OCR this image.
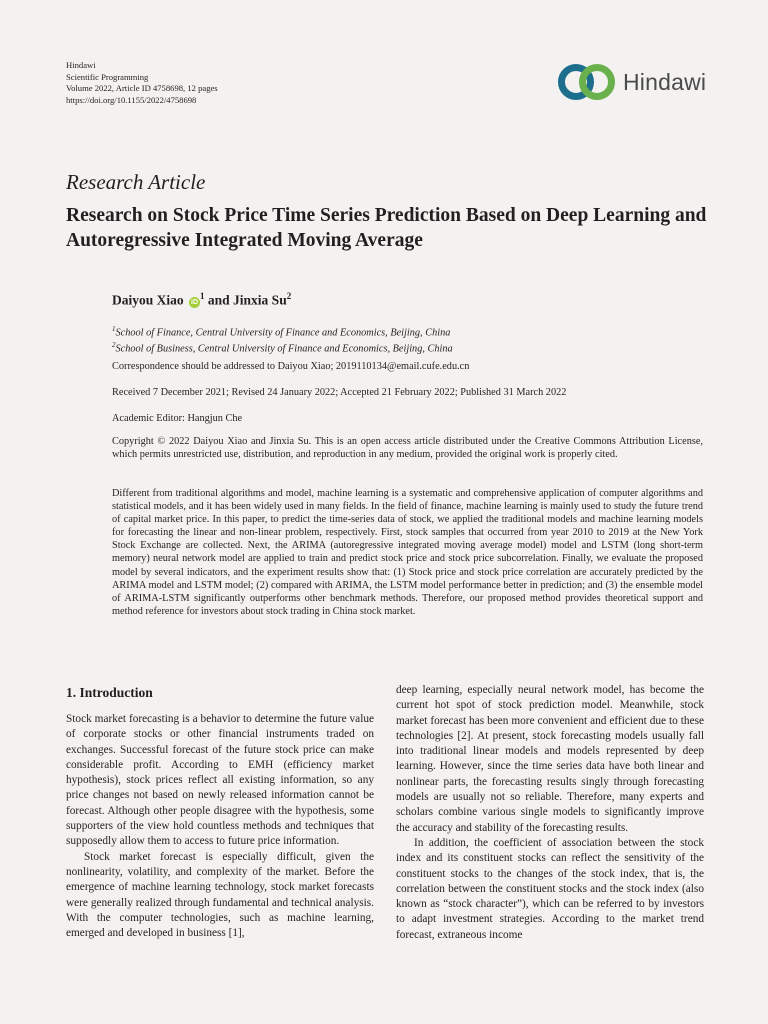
Hindawi
Scientific Programming
Volume 2022, Article ID 4758698, 12 pages
https://doi.org/10.1155/2022/4758698
Hindawi
Research Article
Research on Stock Price Time Series Prediction Based on Deep Learning and Autoregressive Integrated Moving Average
Daiyou Xiao $iD^1$ and Jinxia Su$^2$
$^1$School of Finance, Central University of Finance and Economics, Beijing, China
$^2$School of Business, Central University of Finance and Economics, Beijing, China
Correspondence should be addressed to Daiyou Xiao; 2019110134@email.cufe.edu.cn
Received 7 December 2021; Revised 24 January 2022; Accepted 21 February 2022; Published 31 March 2022
Academic Editor: Hangjun Che
Copyright © 2022 Daiyou Xiao and Jinxia Su. This is an open access article distributed under the Creative Commons Attribution License, which permits unrestricted use, distribution, and reproduction in any medium, provided the original work is properly cited.
Different from traditional algorithms and model, machine learning is a systematic and comprehensive application of computer algorithms and statistical models, and it has been widely used in many fields. In the field of finance, machine learning is mainly used to study the future trend of capital market price. In this paper, to predict the time-series data of stock, we applied the traditional models and machine learning models for forecasting the linear and non-linear problem, respectively. First, stock samples that occurred from year 2010 to 2019 at the New York Stock Exchange are collected. Next, the ARIMA (autoregressive integrated moving average model) model and LSTM (long short-term memory) neural network model are applied to train and predict stock price and stock price subcorrelation. Finally, we evaluate the proposed model by several indicators, and the experiment results show that: (1) Stock price and stock price correlation are accurately predicted by the ARIMA model and LSTM model; (2) compared with ARIMA, the LSTM model performance better in prediction; and (3) the ensemble model of ARIMA-LSTM significantly outperforms other benchmark methods. Therefore, our proposed method provides theoretical support and method reference for investors about stock trading in China stock market.
1. Introduction

Stock market forecasting is a behavior to determine the future value of corporate stocks or other financial instruments traded on exchanges. Successful forecast of the future stock price can make considerable profit. According to EMH (efficiency market hypothesis), stock prices reflect all existing information, so any price changes not based on newly released information cannot be forecast. Although other people disagree with the hypothesis, some supporters of the view hold countless methods and techniques that supposedly allow them to access to future price information.

Stock market forecast is especially difficult, given the nonlinearity, volatility, and complexity of the market. Before the emergence of machine learning technology, stock market forecasts were generally realized through fundamental and technical analysis. With the computer technologies, such as machine learning, emerged and developed in business [1],

deep learning, especially neural network model, has become the current hot spot of stock prediction model. Meanwhile, stock market forecast has been more convenient and efficient due to these technologies [2]. At present, stock forecasting models usually fall into traditional linear models and models represented by deep learning. However, since the time series data have both linear and nonlinear parts, the forecasting results singly through forecasting models are usually not so reliable. Therefore, many experts and scholars combine various single models to significantly improve the accuracy and stability of the forecasting results.

In addition, the coefficient of association between the stock index and its constituent stocks can reflect the sensitivity of the constituent stocks to the changes of the stock index, that is, the correlation between the constituent stocks and the stock index (also known as “stock character”), which can be referred to by investors to adapt investment strategies. According to the market trend forecast, extraneous income
